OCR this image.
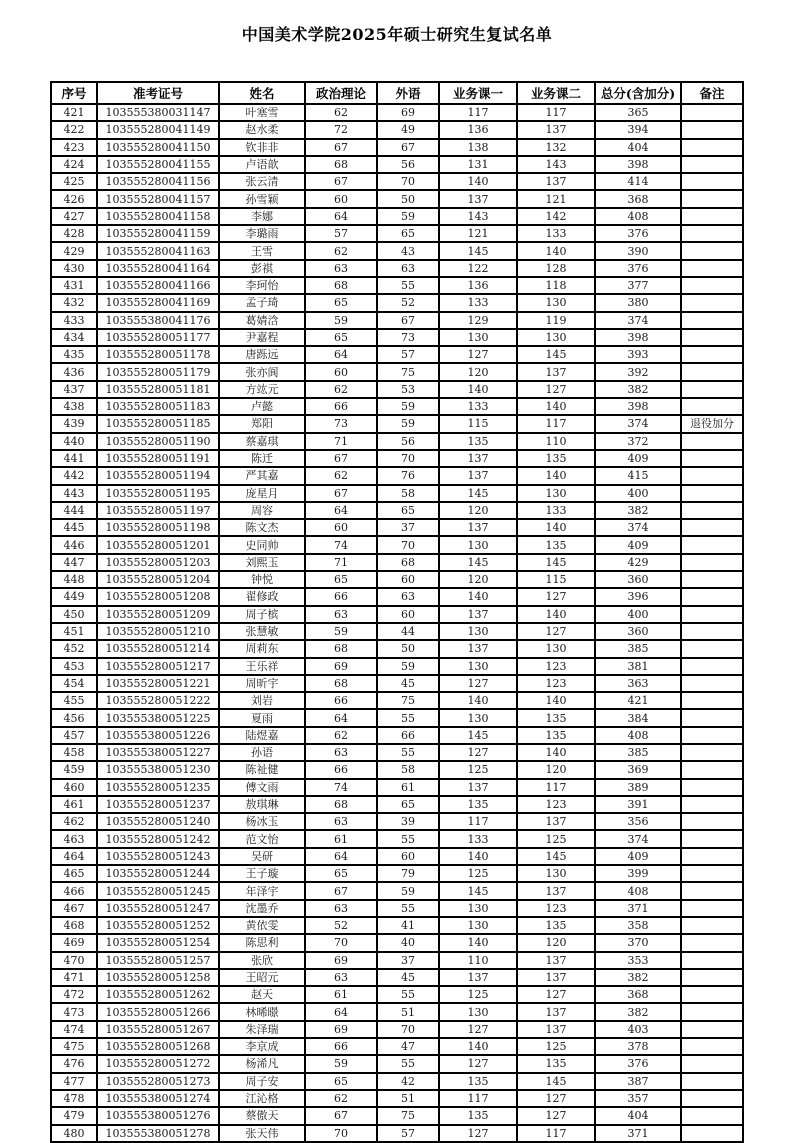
中国美术学院2025年硕士研究生复试名单
序号	准考证号	姓名	政治理论	外语	业务课一	业务课二	总分(含加分)	备注
421	103555380031147	叶塞雪	62	69	117	117	365	
422	103555280041149	赵水柔	72	49	136	137	394	
423	103555280041150	钦非非	67	67	138	132	404	
424	103555280041155	卢语歆	68	56	131	143	398	
425	103555280041156	张云清	67	70	140	137	414	
426	103555280041157	孙雪颖	60	50	137	121	368	
427	103555280041158	李娜	64	59	143	142	408	
428	103555280041159	李璐雨	57	65	121	133	376	
429	103555280041163	王雪	62	43	145	140	390	
430	103555280041164	彭祺	63	63	122	128	376	
431	103555280041166	李珂怡	68	55	136	118	377	
432	103555280041169	孟子琦	65	52	133	130	380	
433	103555380041176	葛婧浛	59	67	129	119	374	
434	103555280051177	尹嘉程	65	73	130	130	398	
435	103555280051178	唐跞远	64	57	127	145	393	
436	103555280051179	张亦阆	60	75	120	137	392	
437	103555280051181	方竑元	62	53	140	127	382	
438	103555280051183	卢懿	66	59	133	140	398	
439	103555280051185	郑阳	73	59	115	117	374	退役加分
440	103555280051190	蔡嘉琪	71	56	135	110	372	
441	103555280051191	陈迁	67	70	137	135	409	
442	103555280051194	严其嘉	62	76	137	140	415	
443	103555280051195	庞星月	67	58	145	130	400	
444	103555280051197	周容	64	65	120	133	382	
445	103555280051198	陈文杰	60	37	137	140	374	
446	103555280051201	史同帅	74	70	130	135	409	
447	103555280051203	刘熙玉	71	68	145	145	429	
448	103555280051204	钟悦	65	60	120	115	360	
449	103555280051208	翟修政	66	63	140	127	396	
450	103555280051209	周子槟	63	60	137	140	400	
451	103555280051210	张慧敏	59	44	130	127	360	
452	103555280051214	周莉东	68	50	137	130	385	
453	103555280051217	王乐祥	69	59	130	123	381	
454	103555280051221	周昕宇	68	45	127	123	363	
455	103555280051222	刘岩	66	75	140	140	421	
456	103555380051225	夏雨	64	55	130	135	384	
457	103555380051226	陆煜嘉	62	66	145	135	408	
458	103555380051227	孙语	63	55	127	140	385	
459	103555380051230	陈祉健	66	58	125	120	369	
460	103555280051235	傅文雨	74	61	137	117	389	
461	103555280051237	敖琪琳	68	65	135	123	391	
462	103555280051240	杨冰玉	63	39	117	137	356	
463	103555280051242	范文怡	61	55	133	125	374	
464	103555280051243	吴研	64	60	140	145	409	
465	103555280051244	王子璇	65	79	125	130	399	
466	103555280051245	年泽宇	67	59	145	137	408	
467	103555280051247	沈墨乔	63	55	130	123	371	
468	103555280051252	黄依雯	52	41	130	135	358	
469	103555280051254	陈思利	70	40	140	120	370	
470	103555280051257	张欣	69	37	110	137	353	
471	103555280051258	王昭元	63	45	137	137	382	
472	103555280051262	赵天	61	55	125	127	368	
473	103555280051266	林晞暻	64	51	130	137	382	
474	103555280051267	朱泽瑞	69	70	127	137	403	
475	103555280051268	李京成	66	47	140	125	378	
476	103555280051272	杨浠凡	59	55	127	135	376	
477	103555280051273	周子安	65	42	135	145	387	
478	103555380051274	江沁格	62	51	117	127	357	
479	103555380051276	蔡傲天	67	75	135	127	404	
480	103555380051278	张天伟	70	57	127	117	371	
